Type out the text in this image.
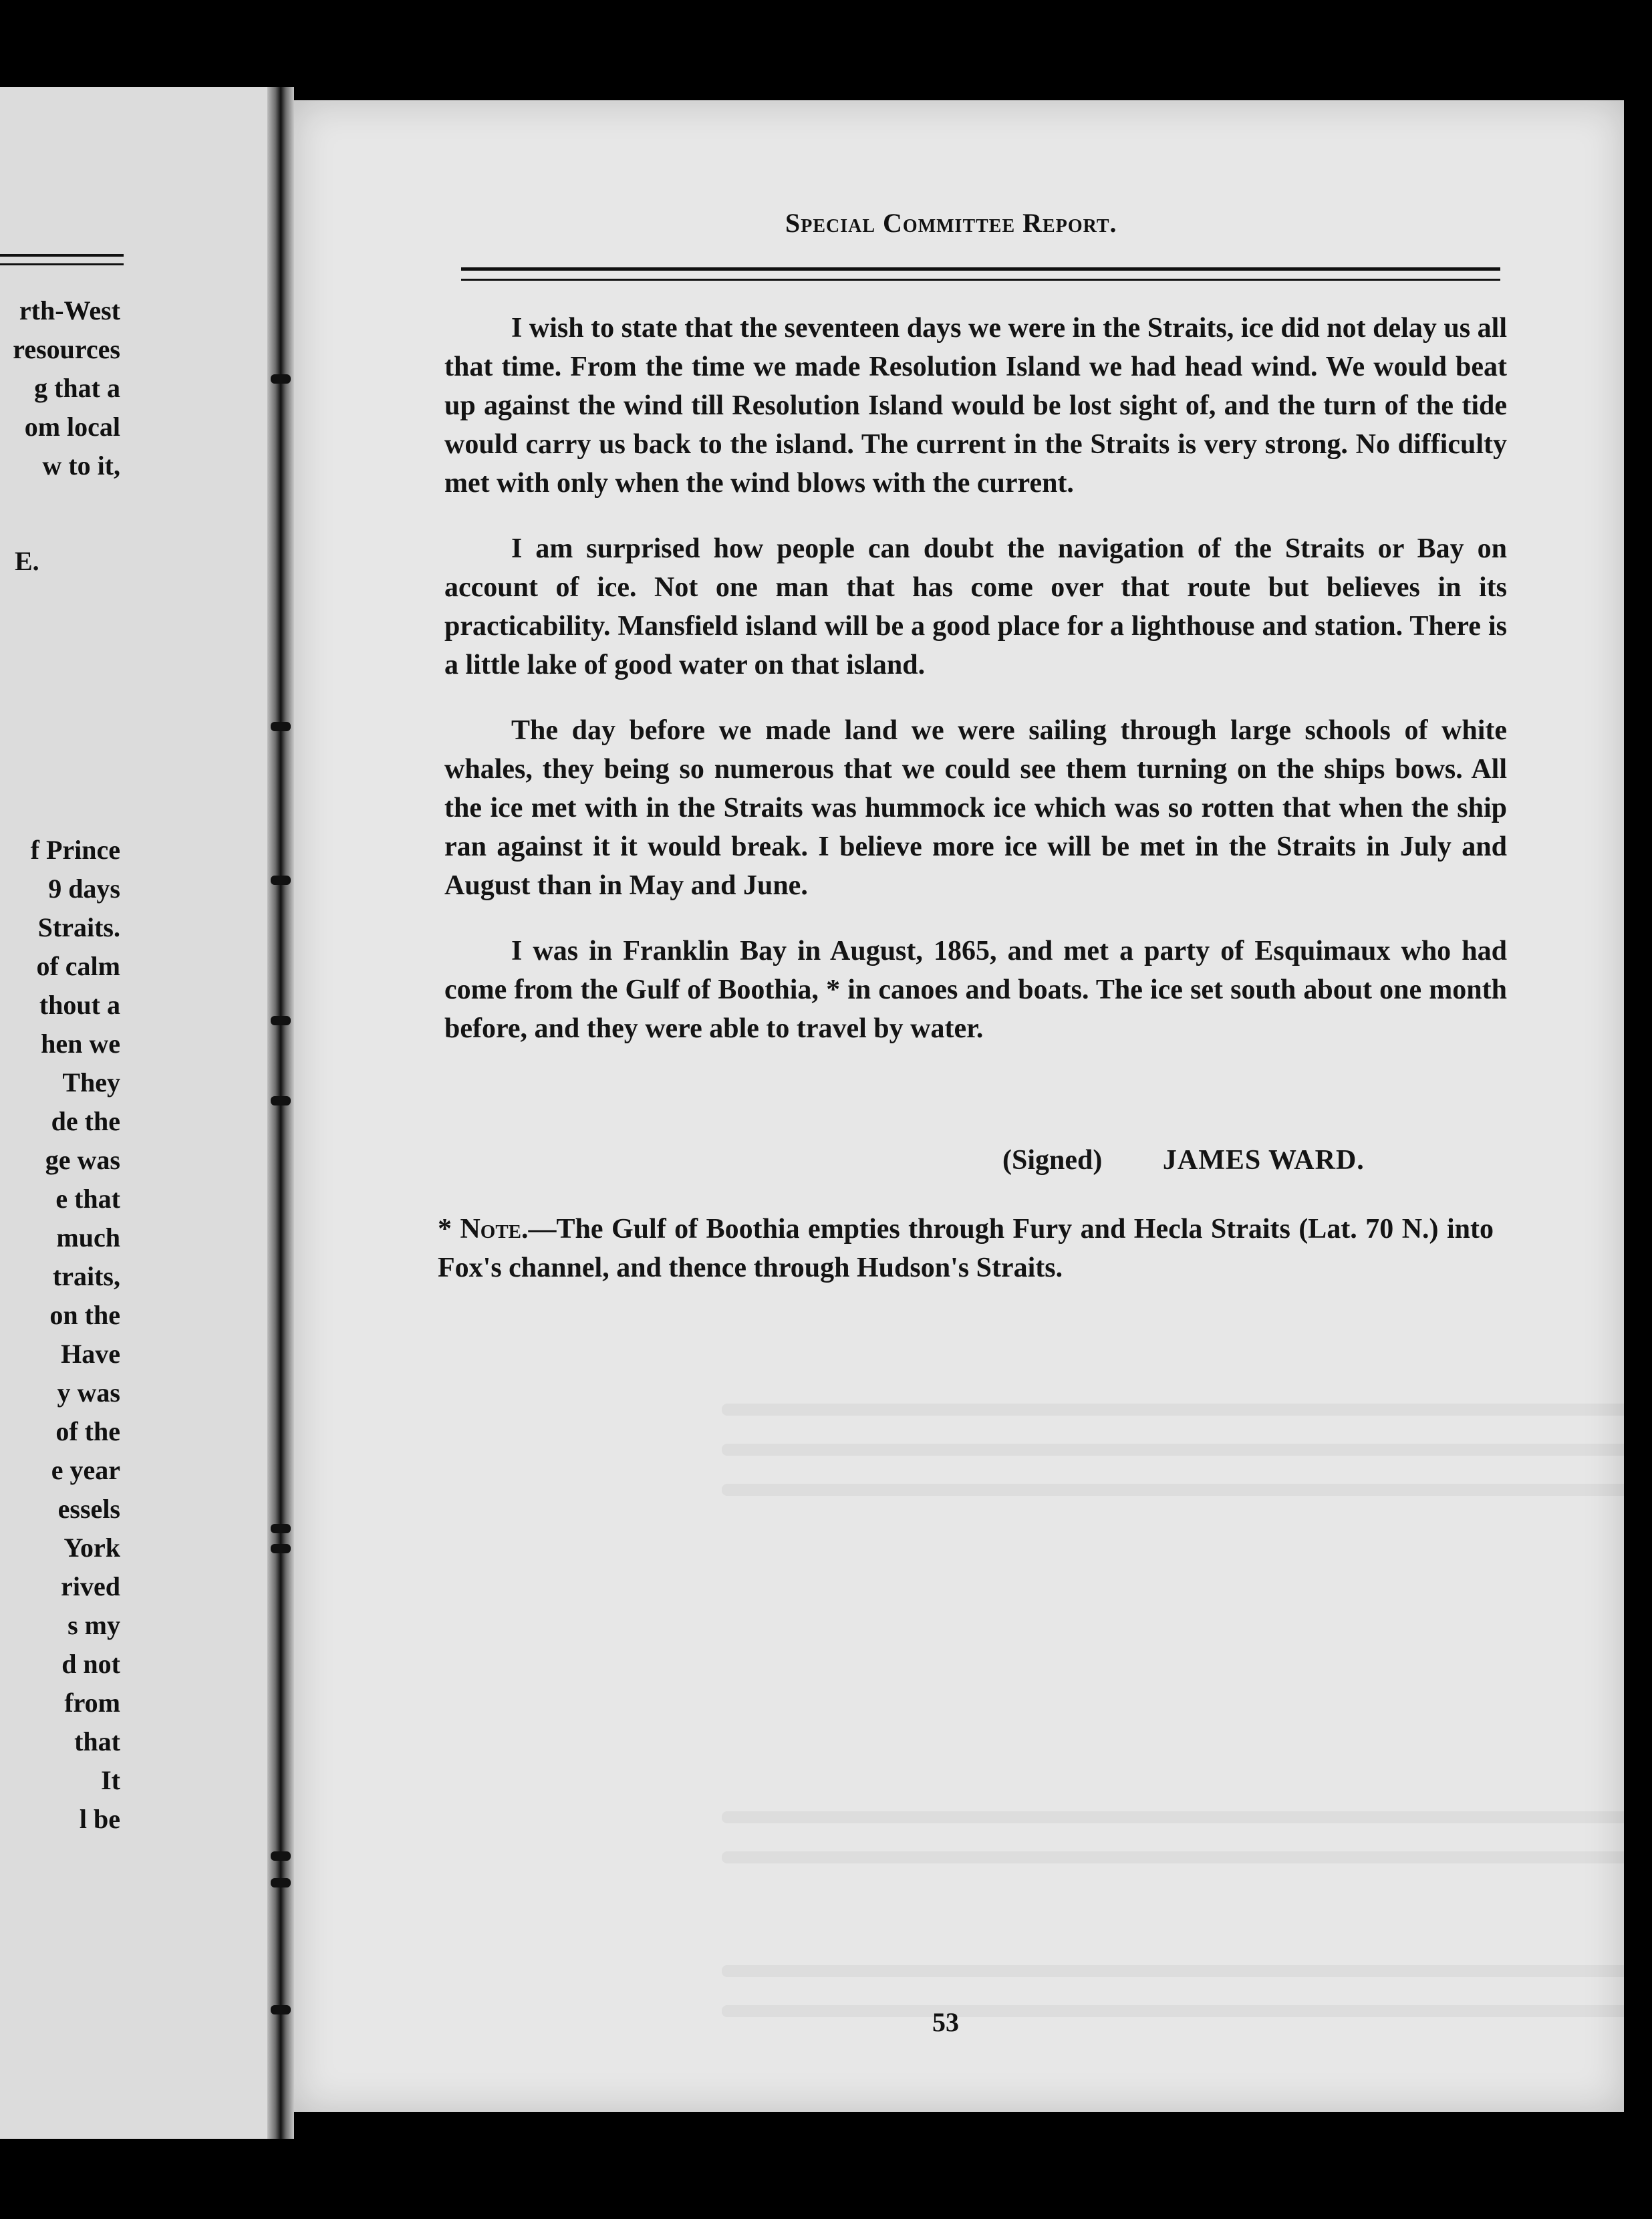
rth-West
resources
g that a
om local
w to it,
E.
f Prince
9 days
Straits.
of calm
thout a
hen we
They
de the
ge was
e that
much
traits,
on the
Have
y was
of the
e year
essels
York
rived
s my
d not
from
that
It
l be
Special Committee Report.

I wish to state that the seventeen days we were in the Straits, ice did not delay us all that time. From the time we made Resolution Island we had head wind. We would beat up against the wind till Resolution Island would be lost sight of, and the turn of the tide would carry us back to the island. The current in the Straits is very strong. No difficulty met with only when the wind blows with the current.

I am surprised how people can doubt the navigation of the Straits or Bay on account of ice. Not one man that has come over that route but believes in its practicability. Mansfield island will be a good place for a lighthouse and station. There is a little lake of good water on that island.

The day before we made land we were sailing through large schools of white whales, they being so numerous that we could see them turning on the ships bows. All the ice met with in the Straits was hummock ice which was so rotten that when the ship ran against it it would break. I believe more ice will be met in the Straits in July and August than in May and June.

I was in Franklin Bay in August, 1865, and met a party of Esquimaux who had come from the Gulf of Boothia, * in canoes and boats. The ice set south about one month before, and they were able to travel by water.

(Signed) JAMES WARD.
* Note.—The Gulf of Boothia empties through Fury and Hecla Straits (Lat. 70 N.) into Fox's channel, and thence through Hudson's Straits.
53
